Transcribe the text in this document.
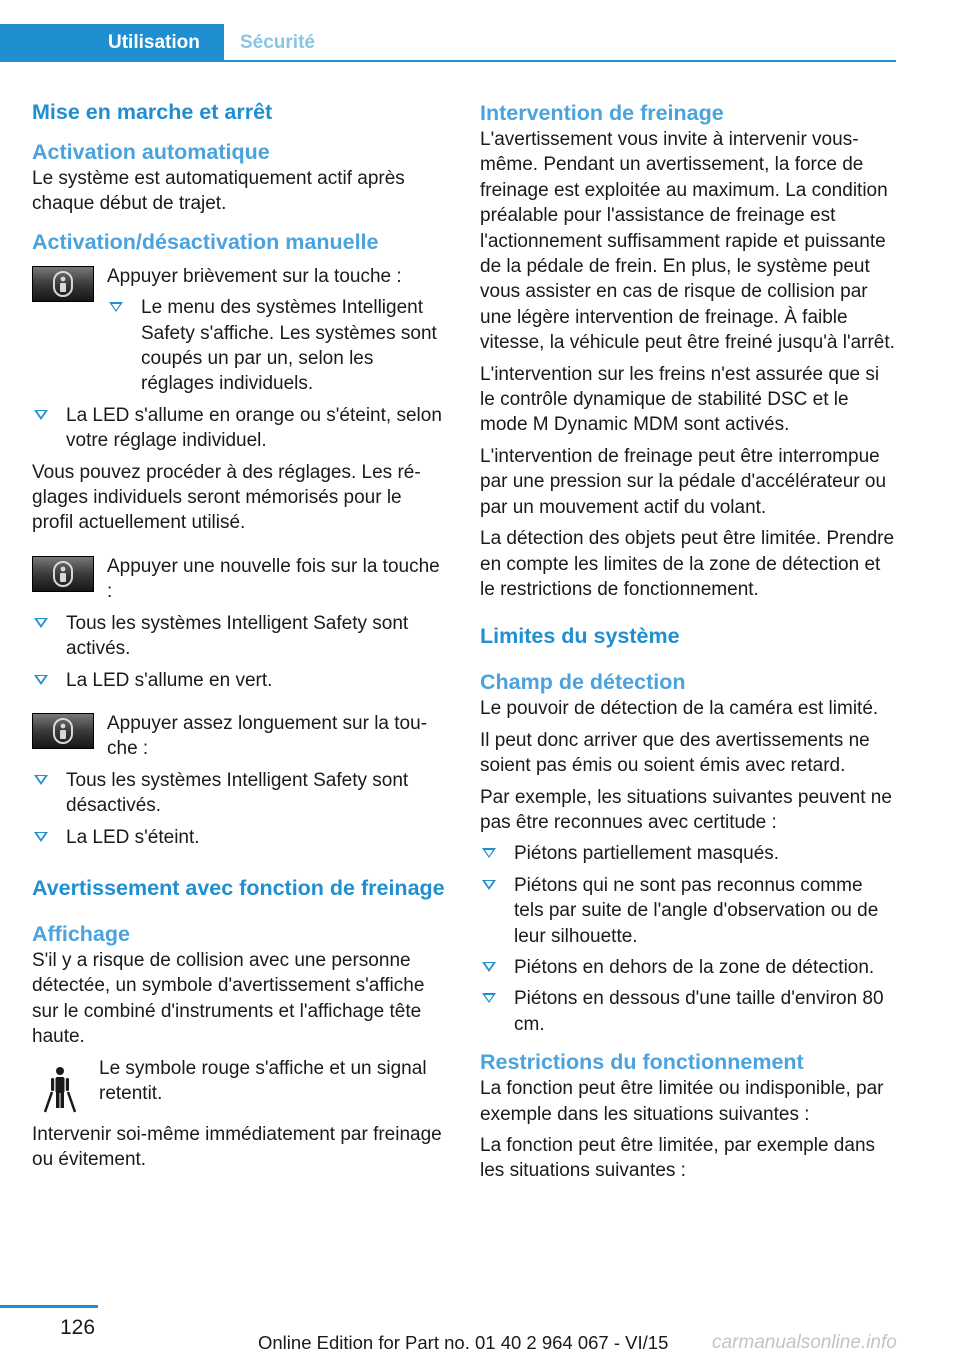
Utilisation	Sécurité
Mise en marche et arrêt
Activation automatique

Le système est automatiquement actif après chaque début de trajet.

Activation/désactivation manuelle

Appuyer brièvement sur la touche :

Le menu des systèmes Intelligent Safety s'affiche. Les systèmes sont coupés un par un, selon les réglages individuels.
La LED s'allume en orange ou s'éteint, selon votre réglage individuel.

Vous pouvez procéder à des réglages. Les réglages individuels seront mémorisés pour le profil actuellement utilisé.

Appuyer une nouvelle fois sur la touche :

Tous les systèmes Intelligent Safety sont activés.
La LED s'allume en vert.

Appuyer assez longuement sur la touche :

Tous les systèmes Intelligent Safety sont désactivés.
La LED s'éteint.
Avertissement avec fonction de freinage
Affichage

S'il y a risque de collision avec une personne détectée, un symbole d'avertissement s'affiche sur le combiné d'instruments et l'affichage tête haute.

Le symbole rouge s'affiche et un signal retentit.

Intervenir soi-même immédiatement par freinage ou évitement.

Intervention de freinage

L'avertissement vous invite à intervenir vous-même. Pendant un avertissement, la force de freinage est exploitée au maximum. La condition préalable pour l'assistance de freinage est l'actionnement suffisamment rapide et puissante de la pédale de frein. En plus, le système peut vous assister en cas de risque de collision par une légère intervention de freinage. À faible vitesse, la véhicule peut être freiné jusqu'à l'arrêt.

L'intervention sur les freins n'est assurée que si le contrôle dynamique de stabilité DSC et le mode M Dynamic MDM sont activés.

L'intervention de freinage peut être interrompue par une pression sur la pédale d'accélérateur ou par un mouvement actif du volant.

La détection des objets peut être limitée. Prendre en compte les limites de la zone de détection et le restrictions de fonctionnement.

Limites du système
Champ de détection

Le pouvoir de détection de la caméra est limité.

Il peut donc arriver que des avertissements ne soient pas émis ou soient émis avec retard.

Par exemple, les situations suivantes peuvent ne pas être reconnues avec certitude :

Piétons partiellement masqués.
Piétons qui ne sont pas reconnus comme tels par suite de l'angle d'observation ou de leur silhouette.
Piétons en dehors de la zone de détection.
Piétons en dessous d'une taille d'environ 80 cm.
Restrictions du fonctionnement

La fonction peut être limitée ou indisponible, par exemple dans les situations suivantes :

La fonction peut être limitée, par exemple dans les situations suivantes :

126
Online Edition for Part no. 01 40 2 964 067 - VI/15 carmanualsonline.info
